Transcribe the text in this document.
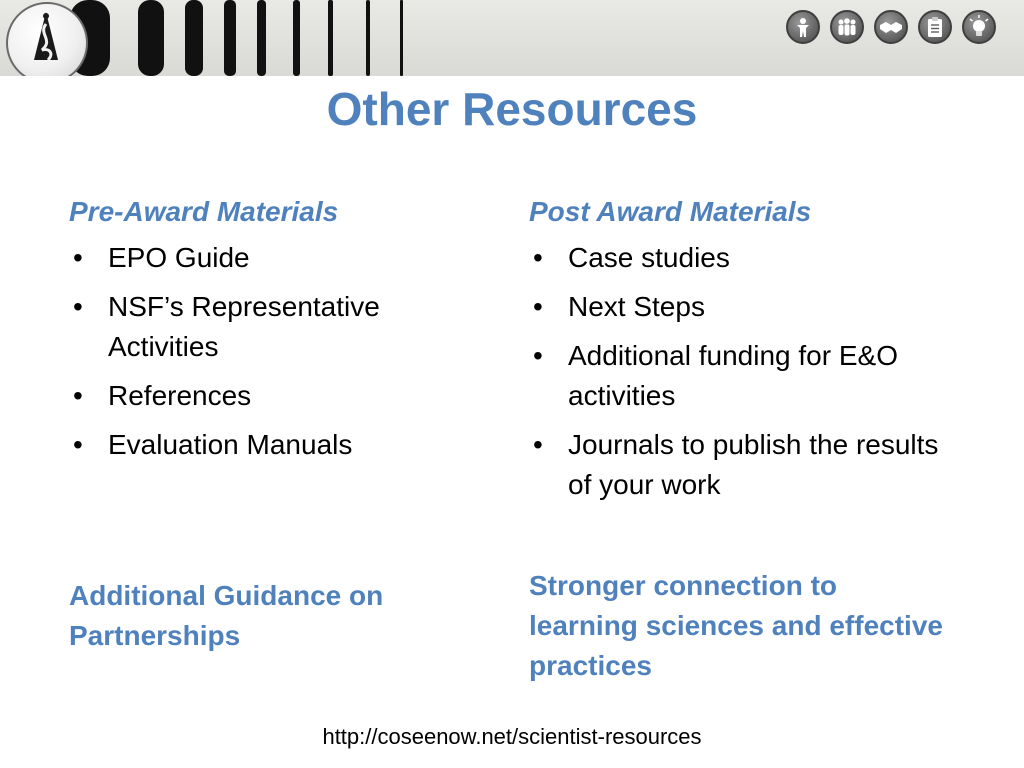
Other Resources
Pre-Award Materials
• EPO Guide
• NSF’s Representative Activities
• References
• Evaluation Manuals
Post Award Materials
• Case studies
• Next Steps
• Additional funding for E&O activities
• Journals to publish the results of your work

Additional Guidance on Partnerships

Stronger connection to learning sciences and effective practices

http://coseenow.net/scientist-resources
